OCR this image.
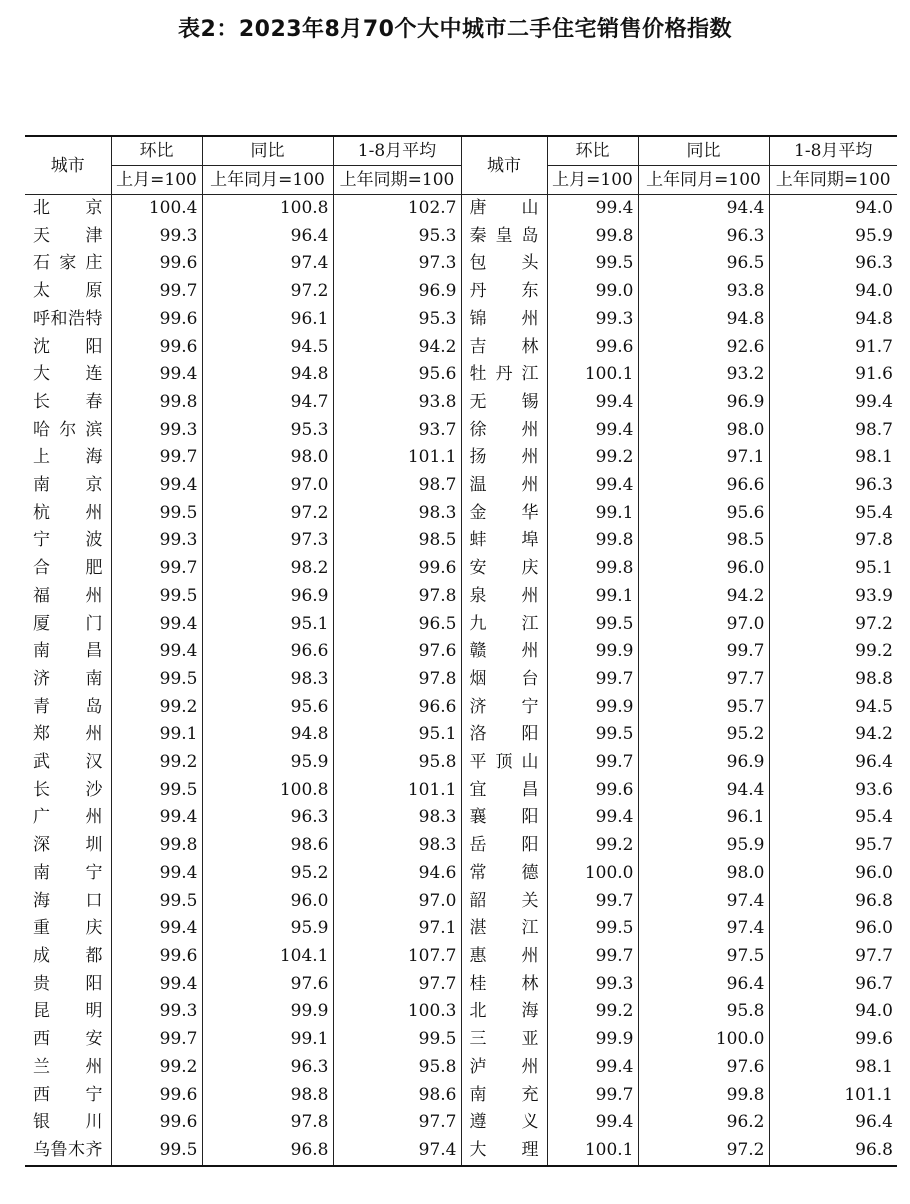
表2：2023年8月70个大中城市二手住宅销售价格指数
城市	环比	同比	1-8月平均	城市	环比	同比	1-8月平均
	上月=100	上年同月=100	上年同期=100		上月=100	上年同月=100	上年同期=100
北京	100.4	100.8	102.7	唐山	99.4	94.4	94.0
天津	99.3	96.4	95.3	秦皇岛	99.8	96.3	95.9
石家庄	99.6	97.4	97.3	包头	99.5	96.5	96.3
太原	99.7	97.2	96.9	丹东	99.0	93.8	94.0
呼和浩特	99.6	96.1	95.3	锦州	99.3	94.8	94.8
沈阳	99.6	94.5	94.2	吉林	99.6	92.6	91.7
大连	99.4	94.8	95.6	牡丹江	100.1	93.2	91.6
长春	99.8	94.7	93.8	无锡	99.4	96.9	99.4
哈尔滨	99.3	95.3	93.7	徐州	99.4	98.0	98.7
上海	99.7	98.0	101.1	扬州	99.2	97.1	98.1
南京	99.4	97.0	98.7	温州	99.4	96.6	96.3
杭州	99.5	97.2	98.3	金华	99.1	95.6	95.4
宁波	99.3	97.3	98.5	蚌埠	99.8	98.5	97.8
合肥	99.7	98.2	99.6	安庆	99.8	96.0	95.1
福州	99.5	96.9	97.8	泉州	99.1	94.2	93.9
厦门	99.4	95.1	96.5	九江	99.5	97.0	97.2
南昌	99.4	96.6	97.6	赣州	99.9	99.7	99.2
济南	99.5	98.3	97.8	烟台	99.7	97.7	98.8
青岛	99.2	95.6	96.6	济宁	99.9	95.7	94.5
郑州	99.1	94.8	95.1	洛阳	99.5	95.2	94.2
武汉	99.2	95.9	95.8	平顶山	99.7	96.9	96.4
长沙	99.5	100.8	101.1	宜昌	99.6	94.4	93.6
广州	99.4	96.3	98.3	襄阳	99.4	96.1	95.4
深圳	99.8	98.6	98.3	岳阳	99.2	95.9	95.7
南宁	99.4	95.2	94.6	常德	100.0	98.0	96.0
海口	99.5	96.0	97.0	韶关	99.7	97.4	96.8
重庆	99.4	95.9	97.1	湛江	99.5	97.4	96.0
成都	99.6	104.1	107.7	惠州	99.7	97.5	97.7
贵阳	99.4	97.6	97.7	桂林	99.3	96.4	96.7
昆明	99.3	99.9	100.3	北海	99.2	95.8	94.0
西安	99.7	99.1	99.5	三亚	99.9	100.0	99.6
兰州	99.2	96.3	95.8	泸州	99.4	97.6	98.1
西宁	99.6	98.8	98.6	南充	99.7	99.8	101.1
银川	99.6	97.8	97.7	遵义	99.4	96.2	96.4
乌鲁木齐	99.5	96.8	97.4	大理	100.1	97.2	96.8
